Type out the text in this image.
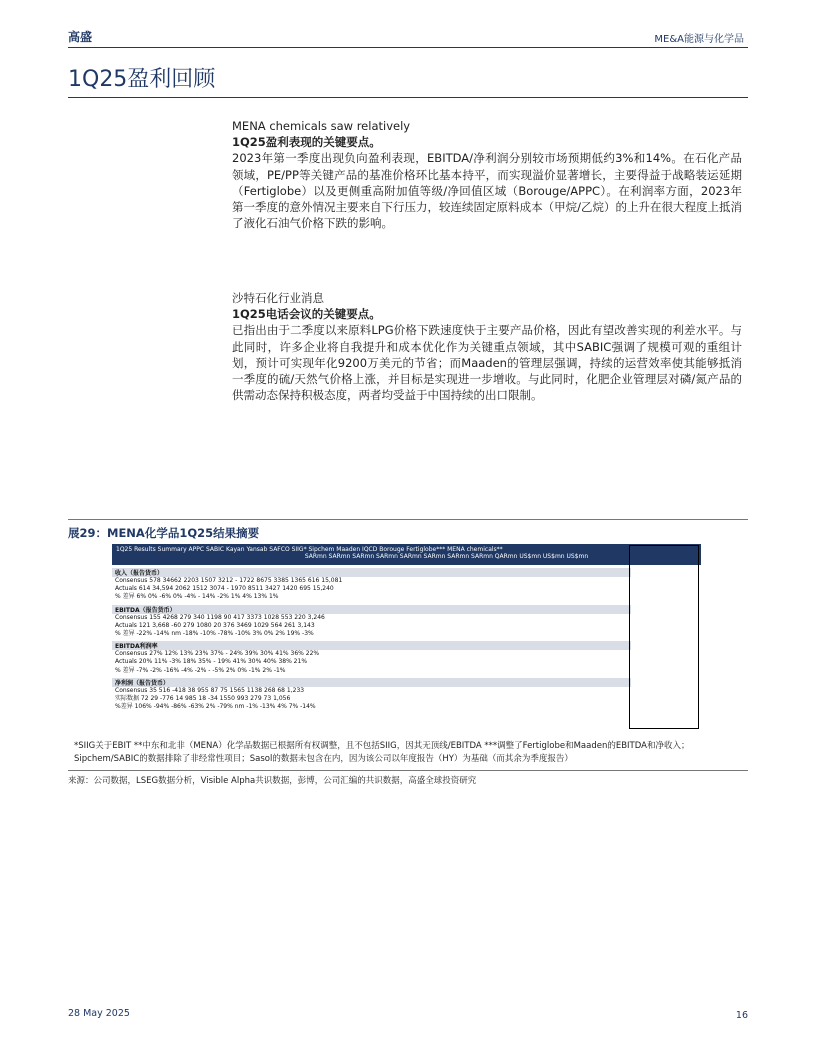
高盛	ME&A能源与化学品
1Q25盈利回顾
MENA chemicals saw relatively
1Q25盈利表现的关键要点。
2023年第一季度出现负向盈利表现，EBITDA/净利润分别较市场预期低约3%和14%。在石化产品领域，PE/PP等关键产品的基准价格环比基本持平，而实现溢价显著增长，主要得益于战略装运延期（Fertiglobe）以及更侧重高附加值等级/净回值区域（Borouge/APPC）。在利润率方面，2023年第一季度的意外情况主要来自下行压力，较连续固定原料成本（甲烷/乙烷）的上升在很大程度上抵消了液化石油气价格下跌的影响。
沙特石化行业消息
1Q25电话会议的关键要点。
已指出由于二季度以来原料LPG价格下跌速度快于主要产品价格，因此有望改善实现的利差水平。与此同时，许多企业将自我提升和成本优化作为关键重点领域，其中SABIC强调了规模可观的重组计划，预计可实现年化9200万美元的节省；而Maaden的管理层强调，持续的运营效率使其能够抵消一季度的硫/天然气价格上涨，并目标是实现进一步增收。与此同时，化肥企业管理层对磷/氮产品的供需动态保持积极态度，两者均受益于中国持续的出口限制。
展29：MENA化学品1Q25结果摘要
1Q25 Results Summary APPC SABIC Kayan Yansab SAFCO SIIG* Sipchem Maaden IQCD Borouge Fertiglobe*** MENA chemicals**
SARmn SARmn SARmn SARmn SARmn SARmn SARmn SARmn QARmn US$mn US$mn US$mn
收入（报告货币）
Consensus 578 34662 2203 1507 3212 - 1722 8675 3385 1365 616 15,081
Actuals 614 34,594 2062 1512 3074 - 1970 8511 3427 1420 695 15,240
% 差异 6% 0% -6% 0% -4% - 14% -2% 1% 4% 13% 1%
EBITDA（报告货币）
Consensus 155 4268 279 340 1198 90 417 3373 1028 553 220 3,246
Actuals 121 3,668 -60 279 1080 20 376 3469 1029 564 261 3,143
% 差异 -22% -14% nm -18% -10% -78% -10% 3% 0% 2% 19% -3%
EBITDA利润率
Consensus 27% 12% 13% 23% 37% - 24% 39% 30% 41% 36% 22%
Actuals 20% 11% -3% 18% 35% - 19% 41% 30% 40% 38% 21%
% 差异 -7% -2% -16% -4% -2% - -5% 2% 0% -1% 2% -1%
净利润（报告货币）
Consensus 35 516 -418 38 955 87 75 1565 1138 268 68 1,233
实际数据 72 29 -776 14 985 18 -34 1550 993 279 73 1,056
%差异 106% -94% -86% -63% 2% -79% nm -1% -13% 4% 7% -14%
*SIIG关于EBIT **中东和北非（MENA）化学品数据已根据所有权调整，且不包括SIIG，因其无顶线/EBITDA ***调整了Fertiglobe和Maaden的EBITDA和净收入；Sipchem/SABIC的数据排除了非经常性项目；Sasol的数据未包含在内，因为该公司以年度报告（HY）为基础（而其余为季度报告）
来源：公司数据，LSEG数据分析，Visible Alpha共识数据，彭博，公司汇编的共识数据，高盛全球投资研究
28 May 2025	16
